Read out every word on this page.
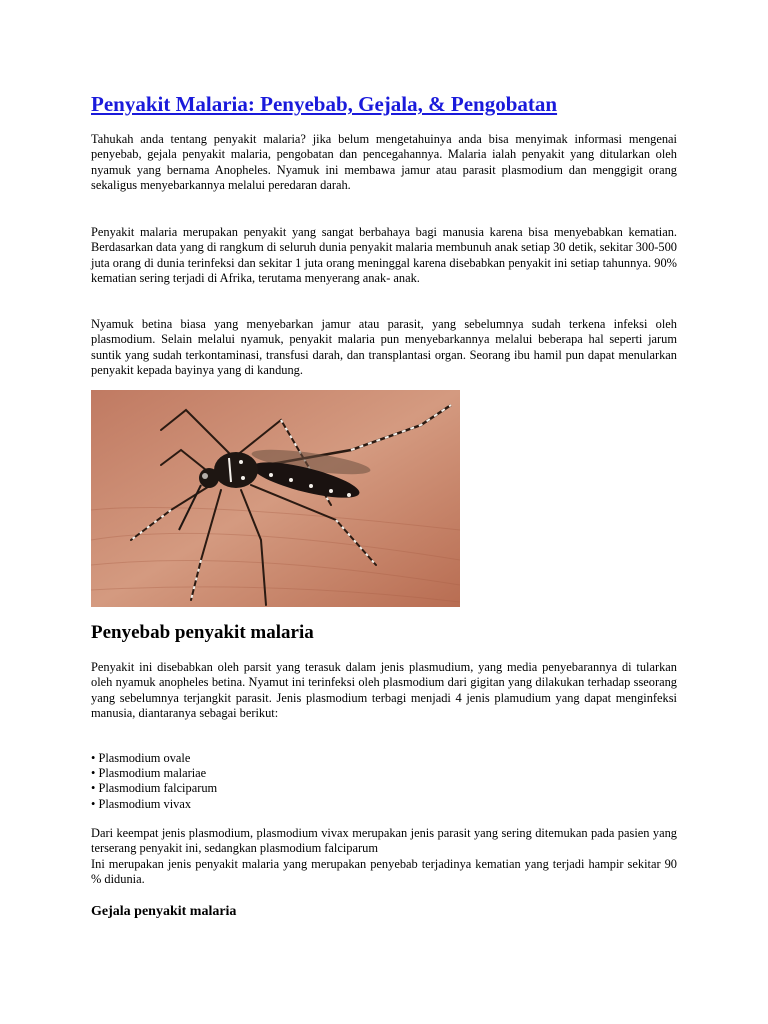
Penyakit Malaria: Penyebab, Gejala, & Pengobatan

Tahukah anda tentang penyakit malaria? jika belum mengetahuinya anda bisa menyimak informasi mengenai penyebab, gejala penyakit malaria, pengobatan dan pencegahannya. Malaria ialah penyakit yang ditularkan oleh nyamuk yang bernama Anopheles. Nyamuk ini membawa jamur atau parasit plasmodium dan menggigit orang sekaligus menyebarkannya melalui peredaran darah.

Penyakit malaria merupakan penyakit yang sangat berbahaya bagi manusia karena bisa menyebabkan kematian. Berdasarkan data yang di rangkum di seluruh dunia penyakit malaria membunuh anak setiap 30 detik, sekitar 300-500 juta orang di dunia terinfeksi dan sekitar 1 juta orang meninggal karena disebabkan penyakit ini setiap tahunnya. 90% kematian sering terjadi di Afrika, terutama menyerang anak- anak.

Nyamuk betina biasa yang menyebarkan jamur atau parasit, yang sebelumnya sudah terkena infeksi oleh plasmodium. Selain melalui nyamuk, penyakit malaria pun menyebarkannya melalui beberapa hal seperti jarum suntik yang sudah terkontaminasi, transfusi darah, dan transplantasi organ. Seorang ibu hamil pun dapat menularkan penyakit kepada bayinya yang di kandung.

Penyebab penyakit malaria

Penyakit ini disebabkan oleh parsit yang terasuk dalam jenis plasmudium, yang media penyebarannya di tularkan oleh nyamuk anopheles betina. Nyamut ini terinfeksi oleh plasmodium dari gigitan yang dilakukan terhadap sseorang yang sebelumnya terjangkit parasit. Jenis plasmodium terbagi menjadi 4 jenis plamudium yang dapat menginfeksi manusia, diantaranya sebagai berikut:

• Plasmodium ovale
• Plasmodium malariae
• Plasmodium falciparum
• Plasmodium vivax
Dari keempat jenis plasmodium, plasmodium vivax merupakan jenis parasit yang sering ditemukan pada pasien yang terserang penyakit ini, sedangkan plasmodium falciparum
Ini merupakan jenis penyakit malaria yang merupakan penyebab terjadinya kematian yang terjadi hampir sekitar 90 % didunia.
Gejala penyakit malaria
